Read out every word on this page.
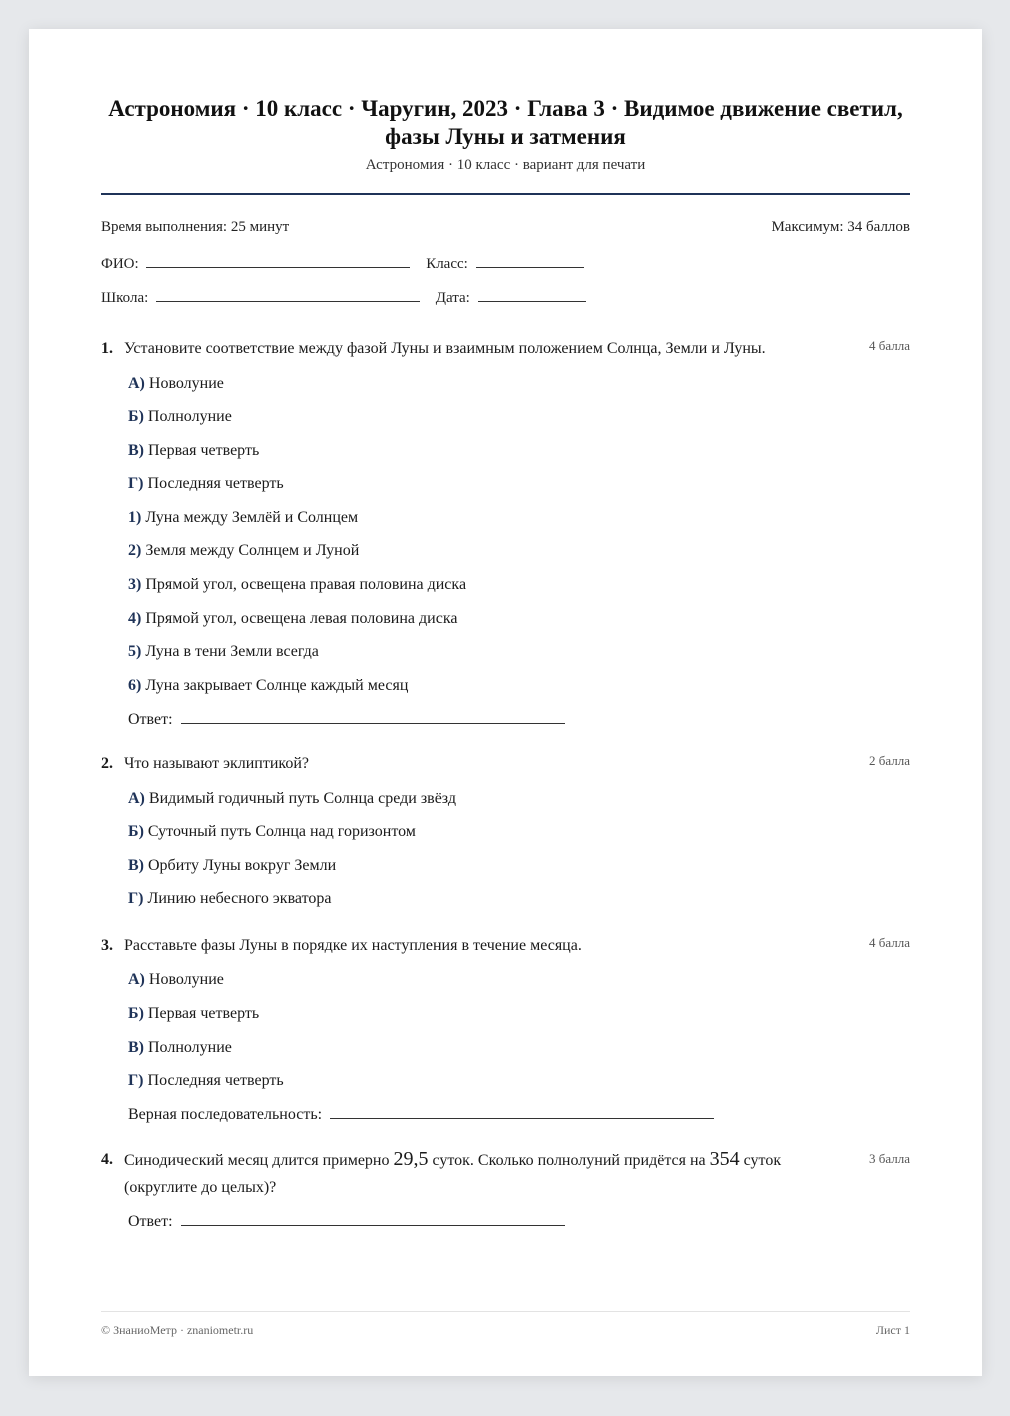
Астрономия · 10 класс · Чаругин, 2023 · Глава 3 · Видимое движение светил, фазы Луны и затмения
Астрономия · 10 класс · вариант для печати
Время выполнения: 25 минут	Максимум: 34 баллов
ФИО:	Класс:
Школа:	Дата:
1. Установите соответствие между фазой Луны и взаимным положением Солнца, Земли и Луны.	4 балла
А) Новолуние
Б) Полнолуние
В) Первая четверть
Г) Последняя четверть
1) Луна между Землёй и Солнцем
2) Земля между Солнцем и Луной
3) Прямой угол, освещена правая половина диска
4) Прямой угол, освещена левая половина диска
5) Луна в тени Земли всегда
6) Луна закрывает Солнце каждый месяц
Ответ:
2. Что называют эклиптикой?	2 балла
А) Видимый годичный путь Солнца среди звёзд
Б) Суточный путь Солнца над горизонтом
В) Орбиту Луны вокруг Земли
Г) Линию небесного экватора
3. Расставьте фазы Луны в порядке их наступления в течение месяца.	4 балла
А) Новолуние
Б) Первая четверть
В) Полнолуние
Г) Последняя четверть
Верная последовательность:
4. Синодический месяц длится примерно 29,5 суток. Сколько полнолуний придётся на 354 суток (округлите до целых)?
3 балла
Ответ:
© ЗнаниоМетр · znaniometr.ru	Лист 1
